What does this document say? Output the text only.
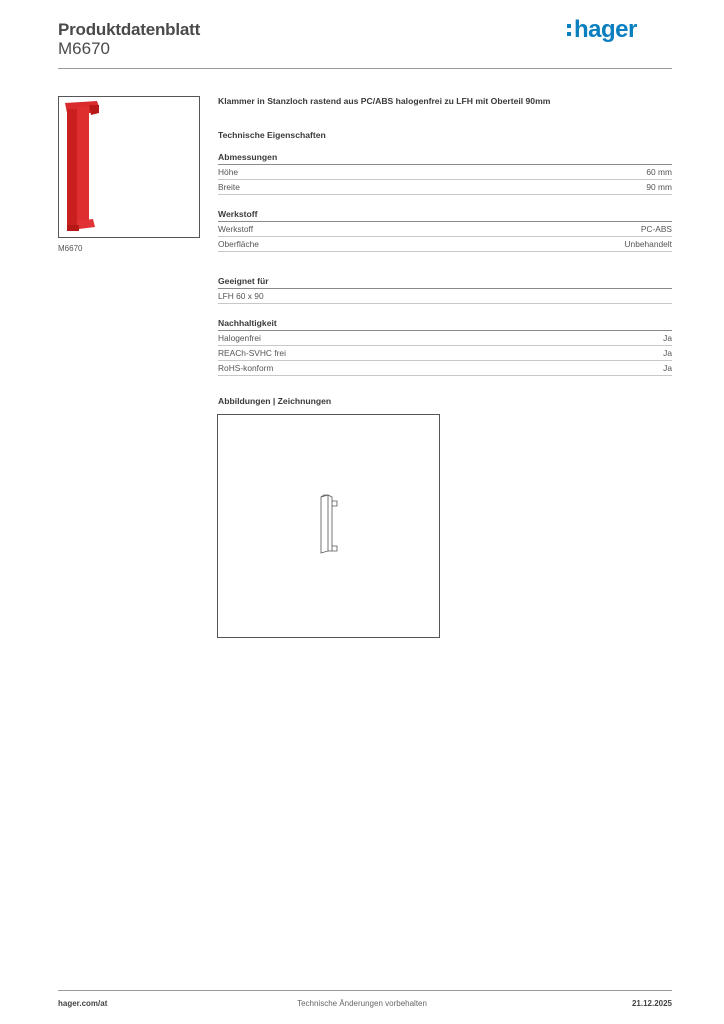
Produktdatenblatt
M6670
hager
M6670
Klammer in Stanzloch rastend aus PC/ABS halogenfrei zu LFH mit Oberteil 90mm
Technische Eigenschaften
Abmessungen
Höhe	60 mm
Breite	90 mm
Werkstoff
Werkstoff	PC-ABS
Oberfläche	Unbehandelt
Geeignet für
LFH 60 x 90
Nachhaltigkeit
Halogenfrei	Ja
REACh-SVHC frei	Ja
RoHS-konform	Ja
Abbildungen | Zeichnungen
hager.com/at	Technische Änderungen vorbehalten	21.12.2025
